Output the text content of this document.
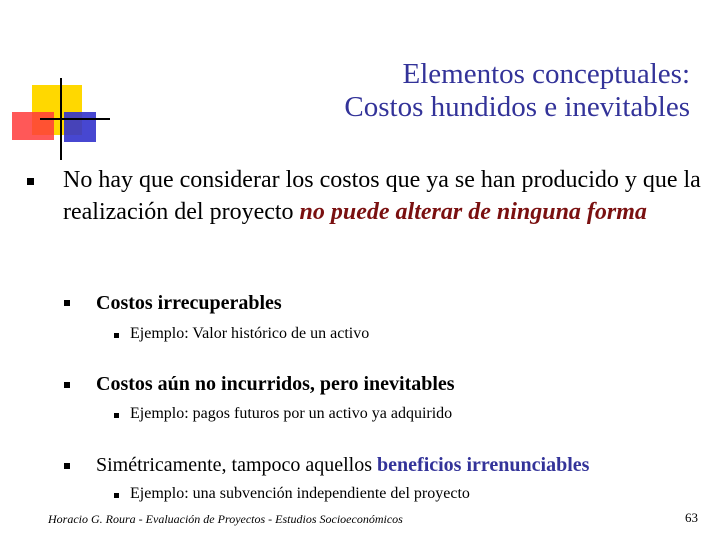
Elementos conceptuales:
Costos hundidos e inevitables
No hay que considerar los costos que ya se han producido y que la realización del proyecto no puede alterar de ninguna forma
Costos irrecuperables
Ejemplo: Valor histórico de un activo
Costos aún no incurridos, pero inevitables
Ejemplo: pagos futuros por un activo ya adquirido
Simétricamente, tampoco aquellos beneficios irrenunciables
Ejemplo: una subvención independiente del proyecto
Horacio G. Roura - Evaluación de Proyectos - Estudios Socioeconómicos	63
